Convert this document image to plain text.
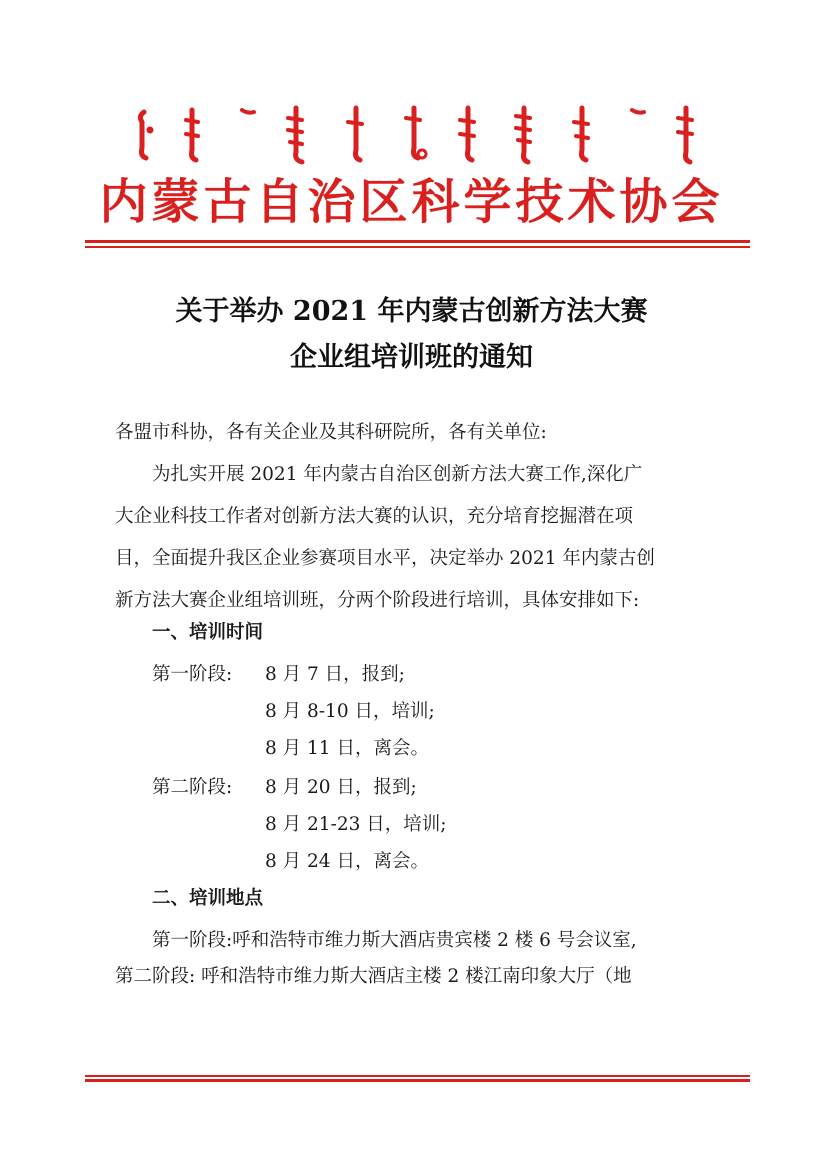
内蒙古自治区科学技术协会
关于举办 2021 年内蒙古创新方法大赛
企业组培训班的通知
各盟市科协，各有关企业及其科研院所，各有关单位:
为扎实开展 2021 年内蒙古自治区创新方法大赛工作,深化广
大企业科技工作者对创新方法大赛的认识，充分培育挖掘潜在项
目，全面提升我区企业参赛项目水平，决定举办 2021 年内蒙古创
新方法大赛企业组培训班，分两个阶段进行培训，具体安排如下:
一、培训时间
第一阶段: 8 月 7 日，报到;
8 月 8-10 日，培训;
8 月 11 日，离会。
第二阶段: 8 月 20 日，报到;
8 月 21-23 日，培训;
8 月 24 日，离会。
二、培训地点
第一阶段:呼和浩特市维力斯大酒店贵宾楼 2 楼 6 号会议室,
第二阶段: 呼和浩特市维力斯大酒店主楼 2 楼江南印象大厅（地
